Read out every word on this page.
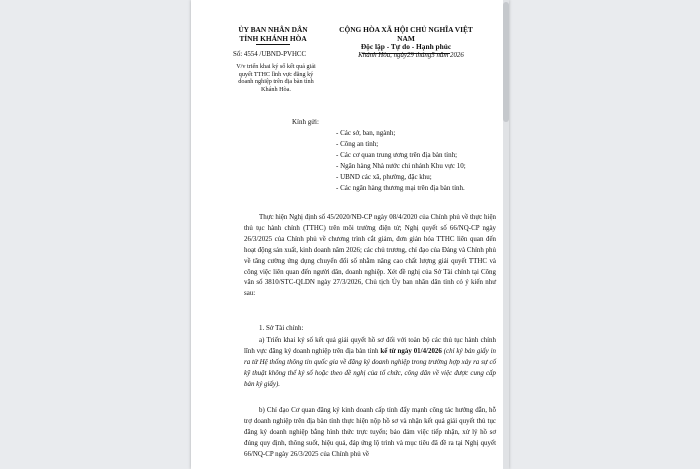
ỦY BAN NHÂN DÂN
TỈNH KHÁNH HÒA
CỘNG HÒA XÃ HỘI CHỦ NGHĨA VIỆT NAM
Độc lập - Tự do - Hạnh phúc
Số: 4554 /UBND-PVHCC
V/v triển khai ký số kết quả giải quyết TTHC lĩnh vực đăng ký doanh nghiệp trên địa bàn tỉnh Khánh Hòa.
Khánh Hòa, ngày29 tháng5 năm 2026
Kính gửi:
- Các sở, ban, ngành;
- Công an tỉnh;
- Các cơ quan trung ương trên địa bàn tỉnh;
- Ngân hàng Nhà nước chi nhánh Khu vực 10;
- UBND các xã, phường, đặc khu;
- Các ngân hàng thương mại trên địa bàn tỉnh.
Thực hiện Nghị định số 45/2020/NĐ-CP ngày 08/4/2020 của Chính phủ về thực hiện thủ tục hành chính (TTHC) trên môi trường điện tử; Nghị quyết số 66/NQ-CP ngày 26/3/2025 của Chính phủ về chương trình cắt giảm, đơn giản hóa TTHC liên quan đến hoạt động sản xuất, kinh doanh năm 2026; các chủ trương, chỉ đạo của Đảng và Chính phủ về tăng cường ứng dụng chuyển đổi số nhằm nâng cao chất lượng giải quyết TTHC và công việc liên quan đến người dân, doanh nghiệp. Xét đề nghị của Sở Tài chính tại Công văn số 3810/STC-QLDN ngày 27/3/2026, Chủ tịch Ủy ban nhân dân tỉnh có ý kiến như sau:
1. Sở Tài chính:
a) Triển khai ký số kết quả giải quyết hồ sơ đối với toàn bộ các thủ tục hành chính lĩnh vực đăng ký doanh nghiệp trên địa bàn tỉnh kể từ ngày 01/4/2026 (chỉ ký bản giấy in ra từ Hệ thống thông tin quốc gia về đăng ký doanh nghiệp trong trường hợp xảy ra sự cố kỹ thuật không thể ký số hoặc theo đề nghị của tổ chức, công dân về việc được cung cấp bản ký giấy).
b) Chỉ đạo Cơ quan đăng ký kinh doanh cấp tỉnh đẩy mạnh công tác hướng dẫn, hỗ trợ doanh nghiệp trên địa bàn tỉnh thực hiện nộp hồ sơ và nhận kết quả giải quyết thủ tục đăng ký doanh nghiệp bằng hình thức trực tuyến; bảo đảm việc tiếp nhận, xử lý hồ sơ đúng quy định, thông suốt, hiệu quả, đáp ứng lộ trình và mục tiêu đã đề ra tại Nghị quyết 66/NQ-CP ngày 26/3/2025 của Chính phủ về
